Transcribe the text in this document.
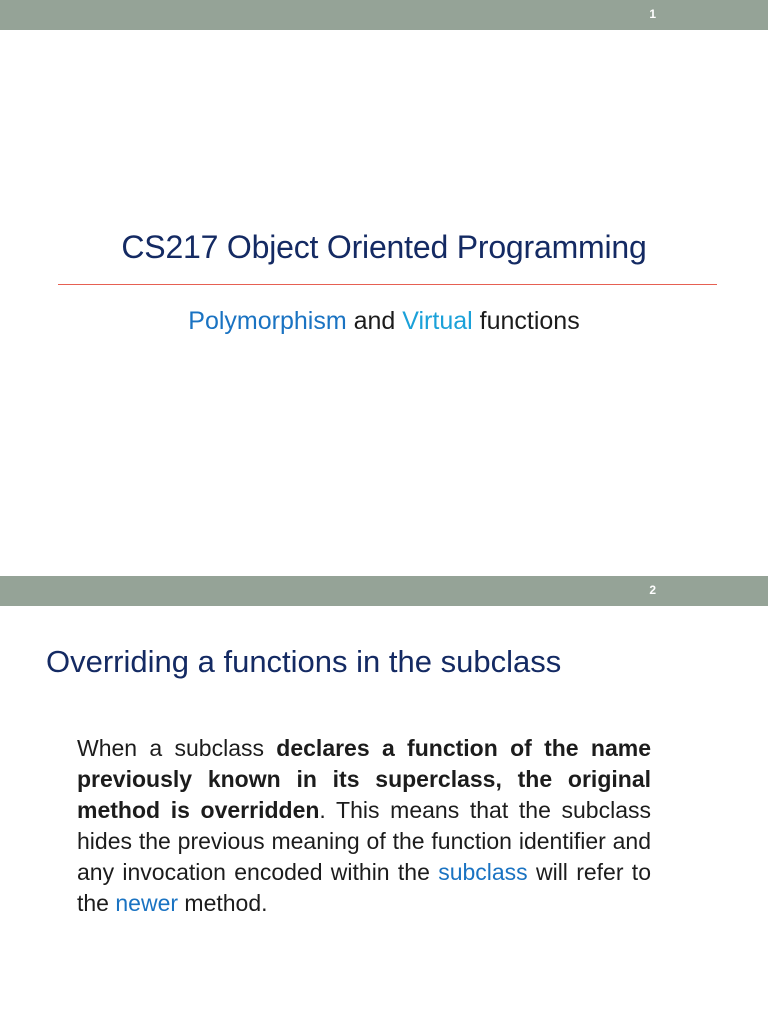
1
CS217 Object Oriented Programming
Polymorphism and Virtual functions
2
Overriding a functions in the subclass

When a subclass declares a function of the name previously known in its superclass, the original method is overridden. This means that the subclass hides the previous meaning of the function identifier and any invocation encoded within the subclass will refer to the newer method.
